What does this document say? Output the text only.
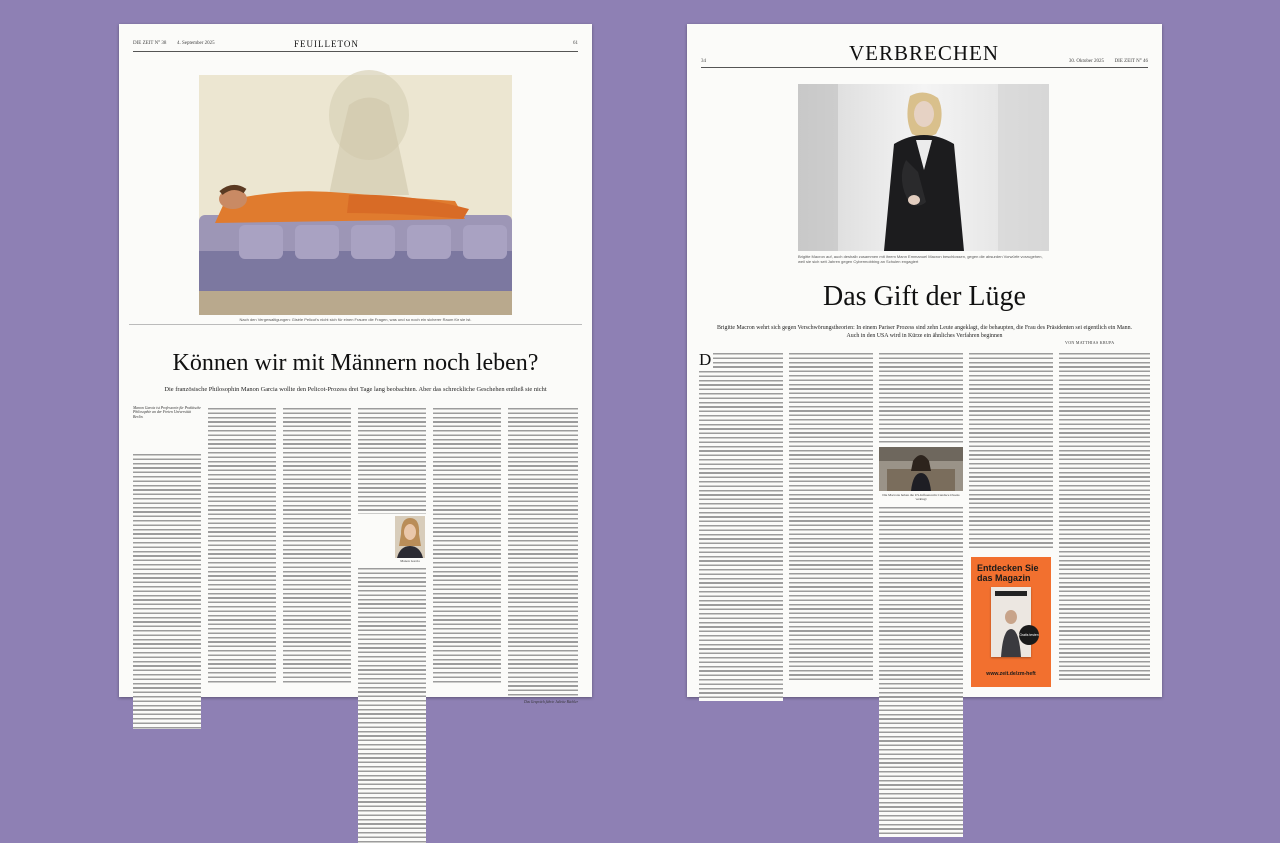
DIE ZEIT N° 38 4. September 2025	61
FEUILLETON
Nach den Vergewaltigungen: Gisèle Pelicot's nicht sich für einen Frauen die Fragen, was und so noch ein sicherer Raum für sie ist.
Können wir mit Männern noch leben?
Die französische Philosophin Manon Garcia wollte den Pelicot-Prozess drei Tage lang beobachten. Aber das schreckliche Geschehen entließ sie nicht
Manon Garcia ist Professorin für Praktische Philosophie an der Freien Universität Berlin.
Das Gespräch führte Juliette Büchler
Manon Garcia
34	30. Oktober 2025 DIE ZEIT N° 46
VERBRECHEN
Brigitte Macron auf, auch deshalb zusammen mit ihrem Mann Emmanuel Macron beschlossen, gegen die absurden Vorwürfe vorzugehen, weil sie sich seit Jahren gegen Cybermobbing an Schulen engagiert
Das Gift der Lüge
Brigitte Macron wehrt sich gegen Verschwörungstheorien: In einem Pariser Prozess sind zehn Leute angeklagt, die behaupten, die Frau des Präsidenten sei eigentlich ein Mann. Auch in den USA wird in Kürze ein ähnliches Verfahren beginnen
VON MATTHIAS KRUPA
D
Die Macrons haben die US-Influencerin Candace Owens verklagt
Entdecken Sie das Magazin
Gratis testen
www.zeit.de/zm-heft
